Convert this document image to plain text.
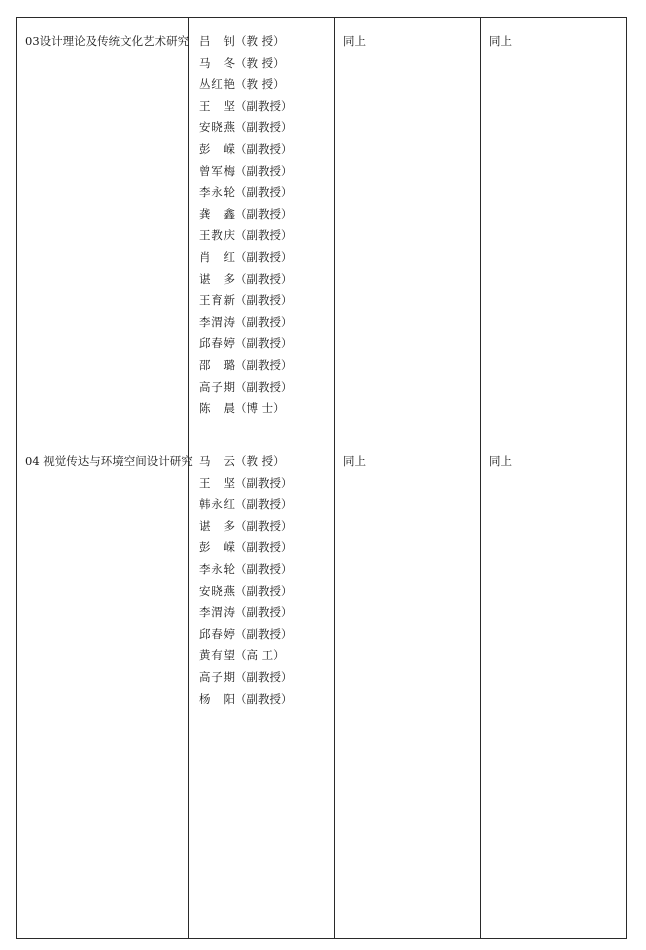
03设计理论及传统文化艺术研究 吕 钊（教 授）
马 冬（教 授）
丛红艳（教 授）
王 坚（副教授）
安晓燕（副教授）
彭 嵘（副教授）
曾军梅（副教授）
李永轮（副教授）
龚 鑫（副教授）
王教庆（副教授）
肖 红（副教授）
谌 多（副教授）
王育新（副教授）
李渭涛（副教授）
邱春婷（副教授）
邵 璐（副教授）
高子期（副教授）
陈 晨（博 士）
同上	同上
04 视觉传达与环境空间设计研究 马 云（教 授）
王 坚（副教授）
韩永红（副教授）
谌 多（副教授）
彭 嵘（副教授）
李永轮（副教授）
安晓燕（副教授）
李渭涛（副教授）
邱春婷（副教授）
黄有望（高 工）
高子期（副教授）
杨 阳（副教授）
同上	同上
